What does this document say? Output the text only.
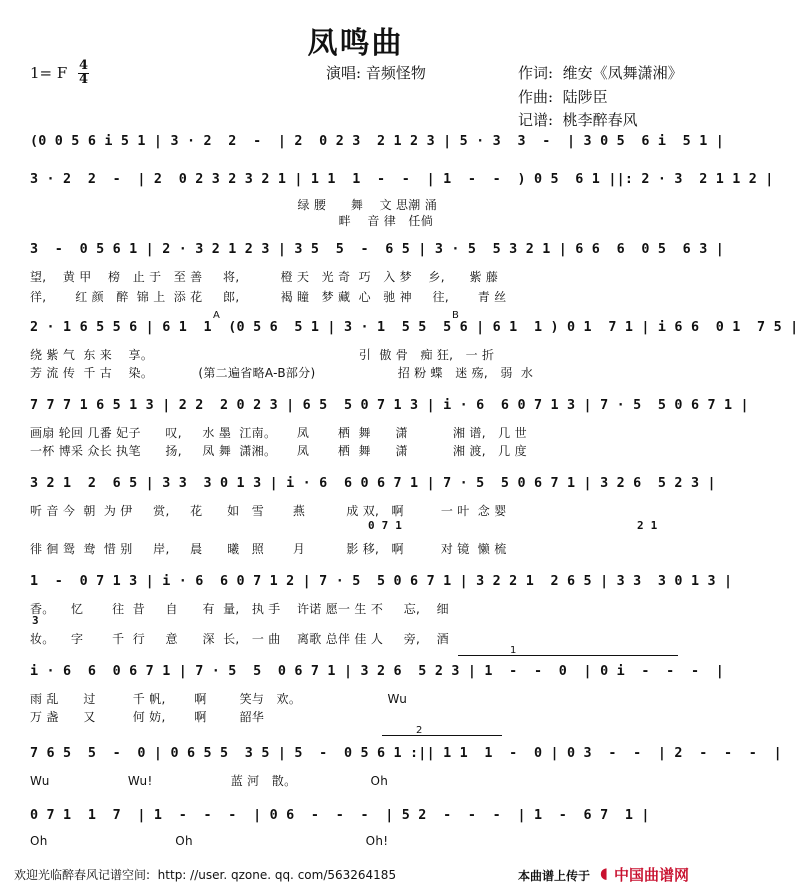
凤鸣曲
1= F 4
4	演唱: 音频怪物	作词:  维安《凤舞潇湘》
作曲:  陆陟臣
记谱:  桃李醉春风
(0 0 5 6 i 5 1 | 3 · 2  2  -  | 2  0 2 3  2 1 2 3 | 5 · 3  3  -  | 3 0 5  6 i  5 1 |
3 · 2  2  -  | 2  0 2 3 2 3 2 1 | 1 1  1  -  -  | 1  -  -  ) 0 5  6 1 ||: 2 · 3  2 1 1 2 |
绿 腰      舞    文 思潮 涌
畔    音 律   任倘
3  -  0 5 6 1 | 2 · 3 2 1 2 3 | 3 5  5  -  6 5 | 3 · 5  5 3 2 1 | 6 6  6  0 5  6 3 |
望,    黄 甲    榜   止 于   至 善     将,          橙 天   光 奇  巧   入 梦    乡,      紫 藤
徉,       红 颜   醉  锦 上  添 花     郎,          褐 瞳   梦 藏  心   驰 神     往,       青 丝
A	B
2 · 1 6 5 5 6 | 6 1  1  (0 5 6  5 1 | 3 · 1  5 5  5 6 | 6 1  1 ) 0 1  7 1 | i 6 6  0 1  7 5 |
绕 紫 气  东 来    享。                                                  引  傲 骨   痴 狂,   一 折
芳 流 传  千 古    染。           (第二遍省略A-B部分)                    招 粉 蝶   迷 殇,   弱  水
7 7 7 1 6 5 1 3 | 2 2  2 0 2 3 | 6 5  5 0 7 1 3 | i · 6  6 0 7 1 3 | 7 · 5  5 0 6 7 1 |
画扇 轮回 几番 妃子      叹,     水 墨  江南。     凤       栖  舞      潇           湘 谱,   几 世
一杯 博采 众长 执笔      扬,     凤 舞  潇湘。     凤       栖  舞      潇           湘 渡,   几 度
3 2 1  2  6 5 | 3 3  3 0 1 3 | i · 6  6 0 6 7 1 | 7 · 5  5 0 6 7 1 | 3 2 6  5 2 3 |
听 音 今  朝  为 伊     赏,     花      如   雪       燕          成 双,   啊         一 叶  念 婴
0 7 1	2 1
徘 徊 鸳  鸯  惜 别     岸,     晨      曦   照       月          影 移,   啊         对 镜  懒 梳
1  -  0 7 1 3 | i · 6  6 0 7 1 2 | 7 · 5  5 0 6 7 1 | 3 2 2 1  2 6 5 | 3 3  3 0 1 3 |
香。    忆       往  昔     自      有  量,   执 手    许诺 愿一 生 不     忘,    细
3
妆。    字       千  行     意      深  长,   一 曲    离歌 总伴 佳 人     旁,    酒
1
i · 6  6  0 6 7 1 | 7 · 5  5  0 6 7 1 | 3 2 6  5 2 3 | 1  -  -  0  | 0 i  -  -  -  |
雨 乱      过         千 帆,       啊        笑与   欢。                     Wu
万 盏      又         何 妨,       啊        韶华
2
7 6 5  5  -  0 | 0 6 5 5  3 5 | 5  -  0 5 6 1 :|| 1 1  1  -  0 | 0 3  -  -  | 2  -  -  -  |
Wu                   Wu!                   蓝 河   散。                  Oh
0 7 1  1  7  | 1  -  -  -  | 0 6  -  -  -  | 5 2  -  -  -  | 1  -  6 7  1 |
Oh                               Oh                                          Oh!
欢迎光临醉春风记谱空间:  http: //user. qzone. qq. com/563264185	本曲谱上传于 ◖ 中国曲谱网
